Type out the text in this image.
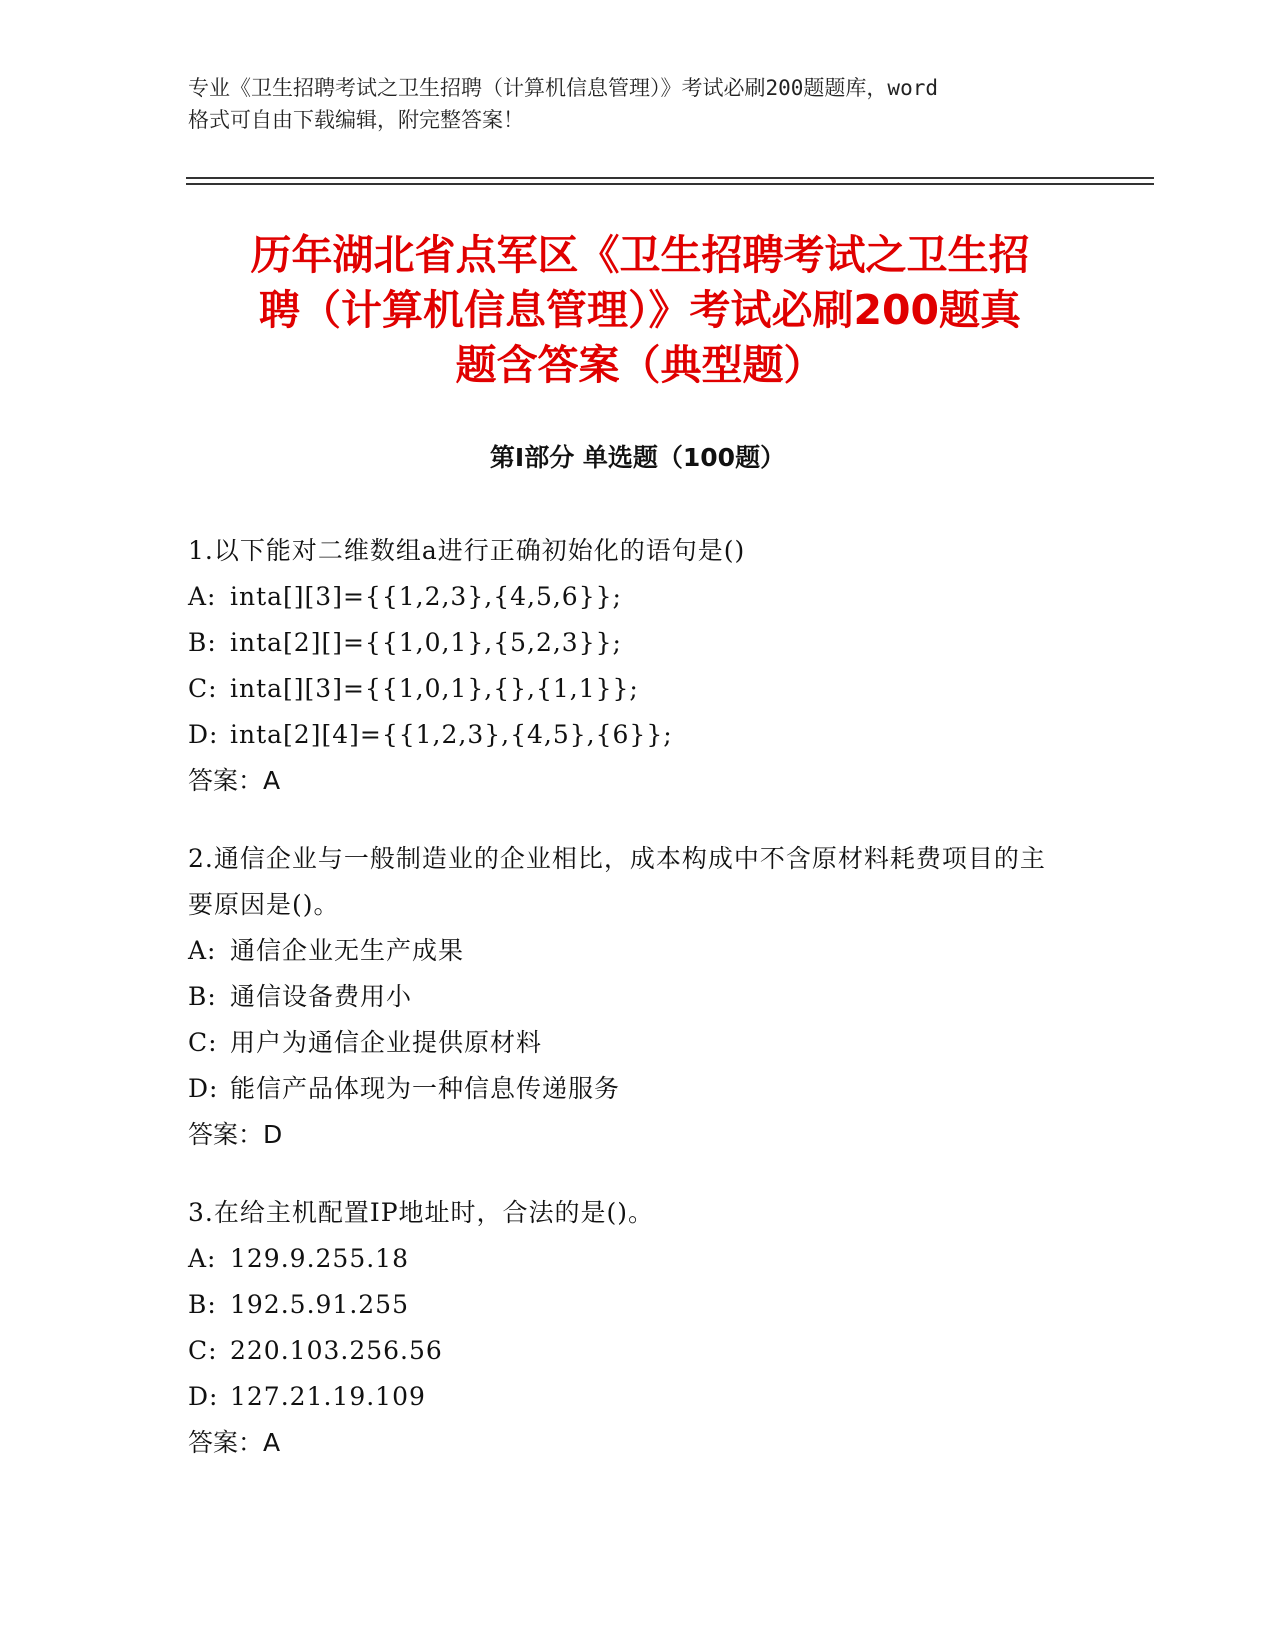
专业《卫生招聘考试之卫生招聘（计算机信息管理）》考试必刷200题题库，word
格式可自由下载编辑，附完整答案！
历年湖北省点军区《卫生招聘考试之卫生招
聘（计算机信息管理）》考试必刷200题真
题含答案（典型题）
第Ⅰ部分 单选题（100题）
1.以下能对二维数组a进行正确初始化的语句是()
A: inta[][3]={{1,2,3},{4,5,6}};
B: inta[2][]={{1,0,1},{5,2,3}};
C: inta[][3]={{1,0,1},{},{1,1}};
D: inta[2][4]={{1,2,3},{4,5},{6}};
答案：A
2.通信企业与一般制造业的企业相比，成本构成中不含原材料耗费项目的主要原因是()。
A: 通信企业无生产成果
B: 通信设备费用小
C: 用户为通信企业提供原材料
D: 能信产品体现为一种信息传递服务
答案：D
3.在给主机配置IP地址时，合法的是()。
A: 129.9.255.18
B: 192.5.91.255
C: 220.103.256.56
D: 127.21.19.109
答案：A
